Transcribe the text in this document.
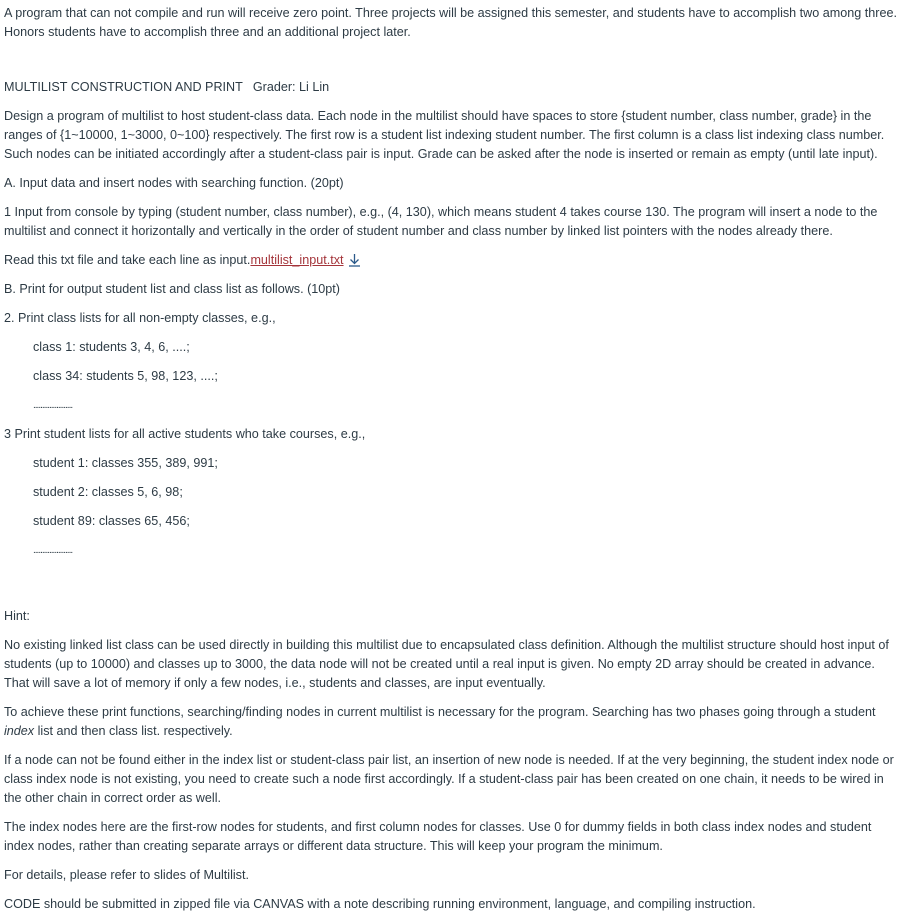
A program that can not compile and run will receive zero point. Three projects will be assigned this semester, and students have to accomplish two among three. Honors students have to accomplish three and an additional project later.

MULTILIST CONSTRUCTION AND PRINT Grader: Li Lin

Design a program of multilist to host student-class data. Each node in the multilist should have spaces to store {student number, class number, grade} in the ranges of {1~10000, 1~3000, 0~100} respectively. The first row is a student list indexing student number. The first column is a class list indexing class number. Such nodes can be initiated accordingly after a student-class pair is input. Grade can be asked after the node is inserted or remain as empty (until late input).

A. Input data and insert nodes with searching function. (20pt)

1 Input from console by typing (student number, class number), e.g., (4, 130), which means student 4 takes course 130. The program will insert a node to the multilist and connect it horizontally and vertically in the order of student number and class number by linked list pointers with the nodes already there.

Read this txt file and take each line as input.multilist_input.txt

B. Print for output student list and class list as follows. (10pt)

2. Print class lists for all non-empty classes, e.g.,

class 1: students 3, 4, 6, ....;

class 34: students 5, 98, 123, ....;

......................

3 Print student lists for all active students who take courses, e.g.,

student 1: classes 355, 389, 991;

student 2: classes 5, 6, 98;

student 89: classes 65, 456;

......................

Hint:

No existing linked list class can be used directly in building this multilist due to encapsulated class definition. Although the multilist structure should host input of students (up to 10000) and classes up to 3000, the data node will not be created until a real input is given. No empty 2D array should be created in advance. That will save a lot of memory if only a few nodes, i.e., students and classes, are input eventually.

To achieve these print functions, searching/finding nodes in current multilist is necessary for the program. Searching has two phases going through a student index list and then class list. respectively.

If a node can not be found either in the index list or student-class pair list, an insertion of new node is needed. If at the very beginning, the student index node or class index node is not existing, you need to create such a node first accordingly. If a student-class pair has been created on one chain, it needs to be wired in the other chain in correct order as well.

The index nodes here are the first-row nodes for students, and first column nodes for classes. Use 0 for dummy fields in both class index nodes and student index nodes, rather than creating separate arrays or different data structure. This will keep your program the minimum.

For details, please refer to slides of Multilist.

CODE should be submitted in zipped file via CANVAS with a note describing running environment, language, and compiling instruction.
